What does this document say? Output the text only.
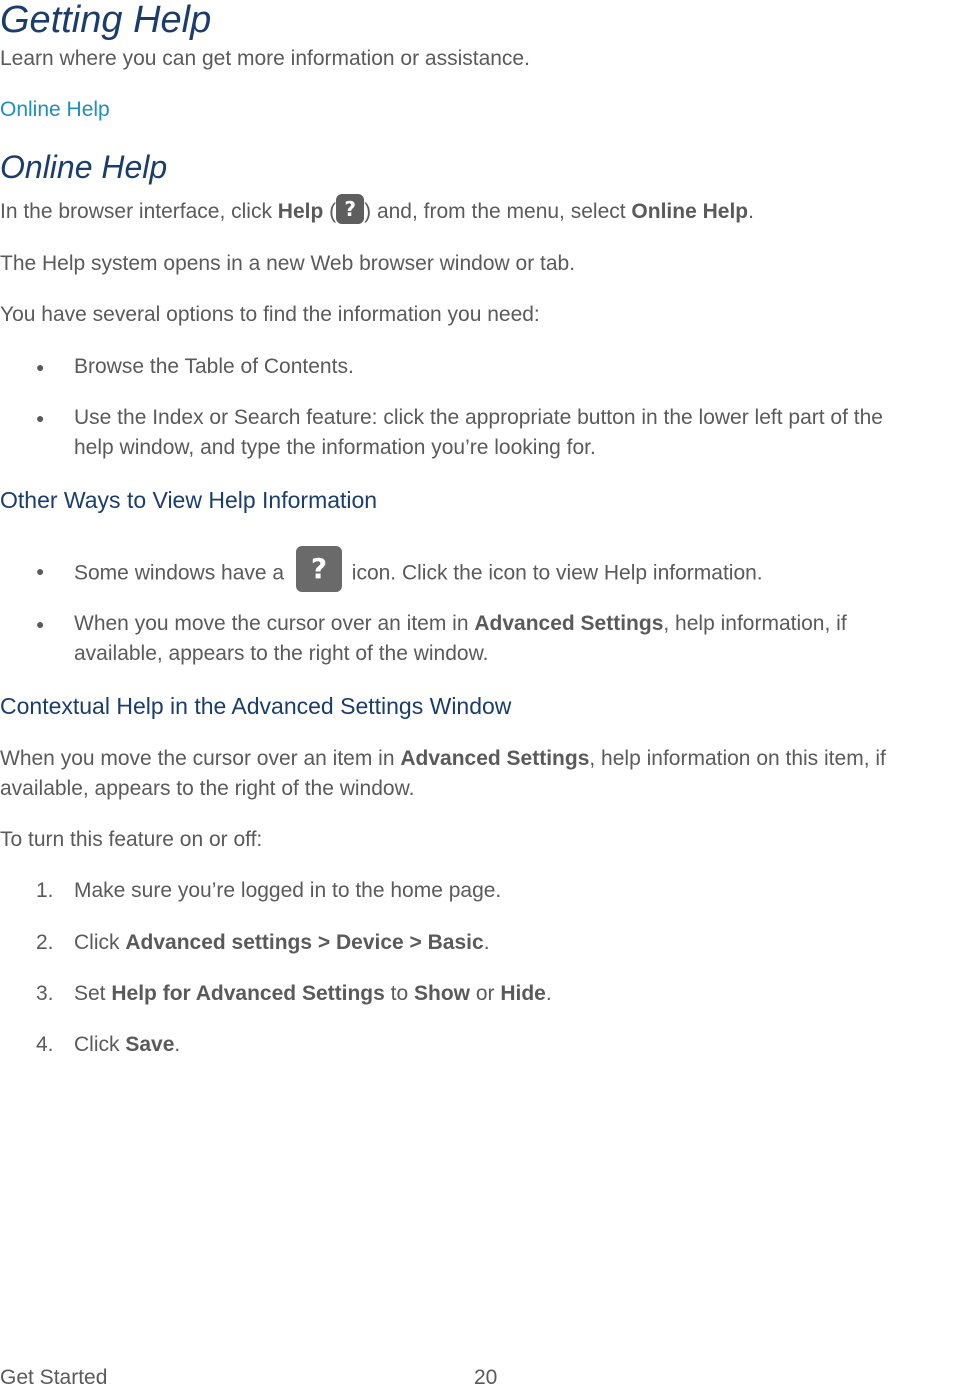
Getting Help
Learn where you can get more information or assistance.
Online Help
Online Help
In the browser interface, click Help ( ? ) and, from the menu, select Online Help.
The Help system opens in a new Web browser window or tab.
You have several options to find the information you need:
● Browse the Table of Contents.
● Use the Index or Search feature: click the appropriate button in the lower left part of the
help window, and type the information you’re looking for.
Other Ways to View Help Information
● Some windows have a ? icon. Click the icon to view Help information.
● When you move the cursor over an item in Advanced Settings, help information, if
available, appears to the right of the window.
Contextual Help in the Advanced Settings Window
When you move the cursor over an item in Advanced Settings, help information on this item, if
available, appears to the right of the window.
To turn this feature on or off:
1. Make sure you’re logged in to the home page.
2. Click Advanced settings > Device > Basic.
3. Set Help for Advanced Settings to Show or Hide.
4. Click Save.
Get Started	20
